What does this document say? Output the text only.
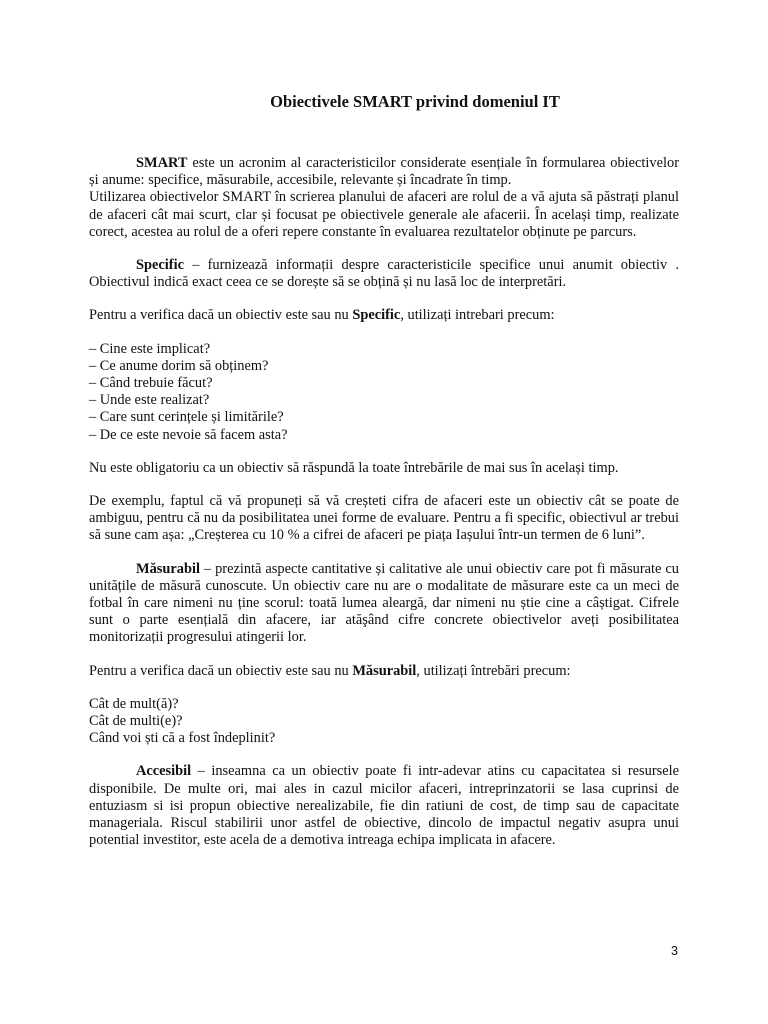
Obiectivele SMART privind domeniul IT

SMART este un acronim al caracteristicilor considerate esențiale în formularea obiectivelor și anume: specifice, măsurabile, accesibile, relevante și încadrate în timp.

Utilizarea obiectivelor SMART în scrierea planului de afaceri are rolul de a vă ajuta să păstrați planul de afaceri cât mai scurt, clar și focusat pe obiectivele generale ale afacerii. În același timp, realizate corect, acestea au rolul de a oferi repere constante în evaluarea rezultatelor obținute pe parcurs.

Specific – furnizează informații despre caracteristicile specifice unui anumit obiectiv . Obiectivul indică exact ceea ce se dorește să se obțină și nu lasă loc de interpretări.

Pentru a verifica dacă un obiectiv este sau nu Specific, utilizați intrebari precum:

– Cine este implicat?
– Ce anume dorim să obținem?
– Când trebuie făcut?
– Unde este realizat?
– Care sunt cerințele și limitările?
– De ce este nevoie să facem asta?

Nu este obligatoriu ca un obiectiv să răspundă la toate întrebările de mai sus în același timp.

De exemplu, faptul că vă propuneți să vă creșteti cifra de afaceri este un obiectiv cât se poate de ambiguu, pentru că nu da posibilitatea unei forme de evaluare. Pentru a fi specific, obiectivul ar trebui să sune cam așa: „Creșterea cu 10 % a cifrei de afaceri pe piața Iașului într-un termen de 6 luni”.

Măsurabil – prezintă aspecte cantitative și calitative ale unui obiectiv care pot fi măsurate cu unitățile de măsură cunoscute. Un obiectiv care nu are o modalitate de măsurare este ca un meci de fotbal în care nimeni nu ține scorul: toată lumea aleargă, dar nimeni nu știe cine a câștigat. Cifrele sunt o parte esențială din afacere, iar atăşând cifre concrete obiectivelor aveți posibilitatea monitorizații progresului atingerii lor.

Pentru a verifica dacă un obiectiv este sau nu Măsurabil, utilizați întrebări precum:

Cât de mult(ă)?
Cât de multi(e)?
Când voi ști că a fost îndeplinit?

Accesibil – inseamna ca un obiectiv poate fi intr-adevar atins cu capacitatea si resursele disponibile. De multe ori, mai ales in cazul micilor afaceri, intreprinzatorii se lasa cuprinsi de entuziasm si isi propun obiective nerealizabile, fie din ratiuni de cost, de timp sau de capacitate manageriala. Riscul stabilirii unor astfel de obiective, dincolo de impactul negativ asupra unui potential investitor, este acela de a demotiva intreaga echipa implicata in afacere.

3
